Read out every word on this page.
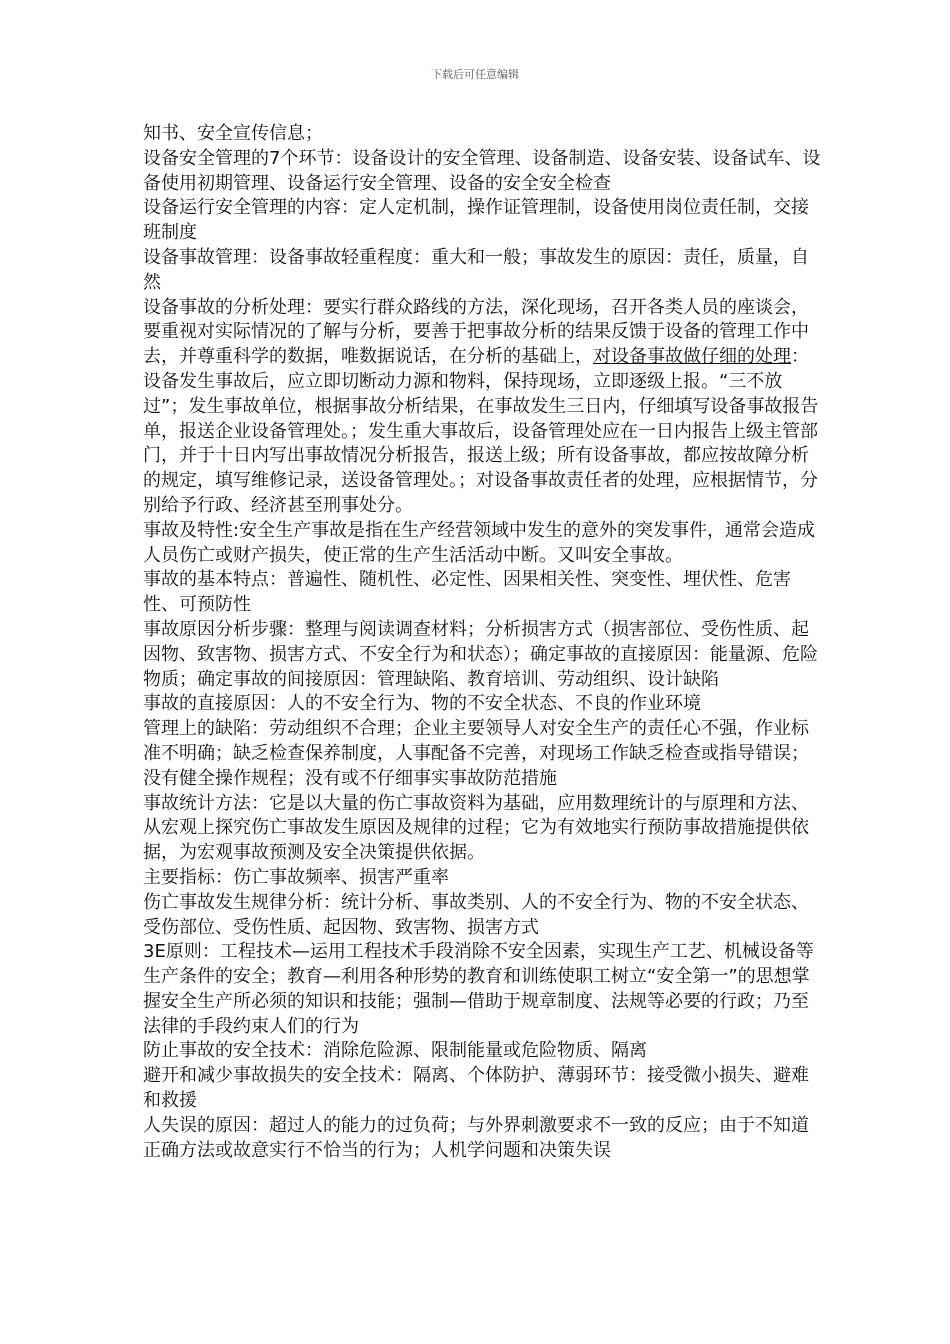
下载后可任意编辑

知书、安全宣传信息；

设备安全管理的7个环节：设备设计的安全管理、设备制造、设备安装、设备试车、设备使用初期管理、设备运行安全管理、设备的安全安全检查

设备运行安全管理的内容：定人定机制，操作证管理制，设备使用岗位责任制，交接班制度

设备事故管理：设备事故轻重程度：重大和一般；事故发生的原因：责任，质量，自然

设备事故的分析处理：要实行群众路线的方法，深化现场，召开各类人员的座谈会，要重视对实际情况的了解与分析，要善于把事故分析的结果反馈于设备的管理工作中去，并尊重科学的数据，唯数据说话，在分析的基础上，对设备事故做仔细的处理：设备发生事故后，应立即切断动力源和物料，保持现场，立即逐级上报。“三不放过”；发生事故单位，根据事故分析结果，在事故发生三日内，仔细填写设备事故报告单，报送企业设备管理处。；发生重大事故后，设备管理处应在一日内报告上级主管部门，并于十日内写出事故情况分析报告，报送上级；所有设备事故，都应按故障分析的规定，填写维修记录，送设备管理处。；对设备事故责任者的处理，应根据情节，分别给予行政、经济甚至刑事处分。

事故及特性:安全生产事故是指在生产经营领域中发生的意外的突发事件，通常会造成人员伤亡或财产损失，使正常的生产生活活动中断。又叫安全事故。

事故的基本特点：普遍性、随机性、必定性、因果相关性、突变性、埋伏性、危害性、可预防性

事故原因分析步骤：整理与阅读调查材料；分析损害方式（损害部位、受伤性质、起因物、致害物、损害方式、不安全行为和状态）；确定事故的直接原因：能量源、危险物质；确定事故的间接原因：管理缺陷、教育培训、劳动组织、设计缺陷

事故的直接原因：人的不安全行为、物的不安全状态、不良的作业环境

管理上的缺陷：劳动组织不合理；企业主要领导人对安全生产的责任心不强，作业标准不明确；缺乏检查保养制度，人事配备不完善，对现场工作缺乏检查或指导错误；没有健全操作规程；没有或不仔细事实事故防范措施

事故统计方法：它是以大量的伤亡事故资料为基础，应用数理统计的与原理和方法、从宏观上探究伤亡事故发生原因及规律的过程；它为有效地实行预防事故措施提供依据，为宏观事故预测及安全决策提供依据。

主要指标：伤亡事故频率、损害严重率

伤亡事故发生规律分析：统计分析、事故类别、人的不安全行为、物的不安全状态、受伤部位、受伤性质、起因物、致害物、损害方式

3E原则：工程技术—运用工程技术手段消除不安全因素，实现生产工艺、机械设备等生产条件的安全；教育—利用各种形势的教育和训练使职工树立“安全第一”的思想掌握安全生产所必须的知识和技能；强制—借助于规章制度、法规等必要的行政；乃至法律的手段约束人们的行为

防止事故的安全技术：消除危险源、限制能量或危险物质、隔离

避开和减少事故损失的安全技术：隔离、个体防护、薄弱环节：接受微小损失、避难和救援

人失误的原因：超过人的能力的过负荷；与外界刺激要求不一致的反应；由于不知道正确方法或故意实行不恰当的行为；人机学问题和决策失误
